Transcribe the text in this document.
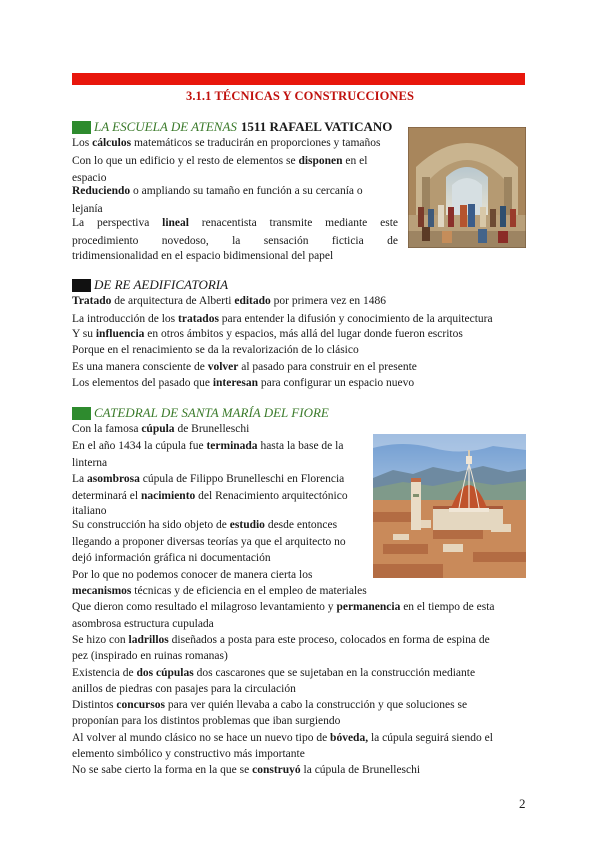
3.1.1 TÉCNICAS Y CONSTRUCCIONES
LA ESCUELA DE ATENAS 1511 RAFAEL VATICANO
Los cálculos matemáticos se traducirán en proporciones y tamaños
Con lo que un edificio y el resto de elementos se disponen en el
espacio
Reduciendo o ampliando su tamaño en función a su cercanía o
lejanía
La perspectiva lineal renacentista transmite mediante este
procedimiento novedoso, la sensación ficticia de
tridimensionalidad en el espacio bidimensional del papel
DE RE AEDIFICATORIA
Tratado de arquitectura de Alberti editado por primera vez en 1486
La introducción de los tratados para entender la difusión y conocimiento de la arquitectura
Y su influencia en otros ámbitos y espacios, más allá del lugar donde fueron escritos
Porque en el renacimiento se da la revalorización de lo clásico
Es una manera consciente de volver al pasado para construir en el presente
Los elementos del pasado que interesan para configurar un espacio nuevo
CATEDRAL DE SANTA MARÍA DEL FIORE
Con la famosa cúpula de Brunelleschi
En el año 1434 la cúpula fue terminada hasta la base de la
linterna
La asombrosa cúpula de Filippo Brunelleschi en Florencia
determinará el nacimiento del Renacimiento arquitectónico
italiano
Su construcción ha sido objeto de estudio desde entonces
llegando a proponer diversas teorías ya que el arquitecto no
dejó información gráfica ni documentación
Por lo que no podemos conocer de manera cierta los
mecanismos técnicas y de eficiencia en el empleo de materiales
Que dieron como resultado el milagroso levantamiento y permanencia en el tiempo de esta
asombrosa estructura cupulada
Se hizo con ladrillos diseñados a posta para este proceso, colocados en forma de espina de
pez (inspirado en ruinas romanas)
Existencia de dos cúpulas dos cascarones que se sujetaban en la construcción mediante
anillos de piedras con pasajes para la circulación
Distintos concursos para ver quién llevaba a cabo la construcción y que soluciones se
proponían para los distintos problemas que iban surgiendo
Al volver al mundo clásico no se hace un nuevo tipo de bóveda, la cúpula seguirá siendo el
elemento simbólico y constructivo más importante
No se sabe cierto la forma en la que se construyó la cúpula de Brunelleschi
2
